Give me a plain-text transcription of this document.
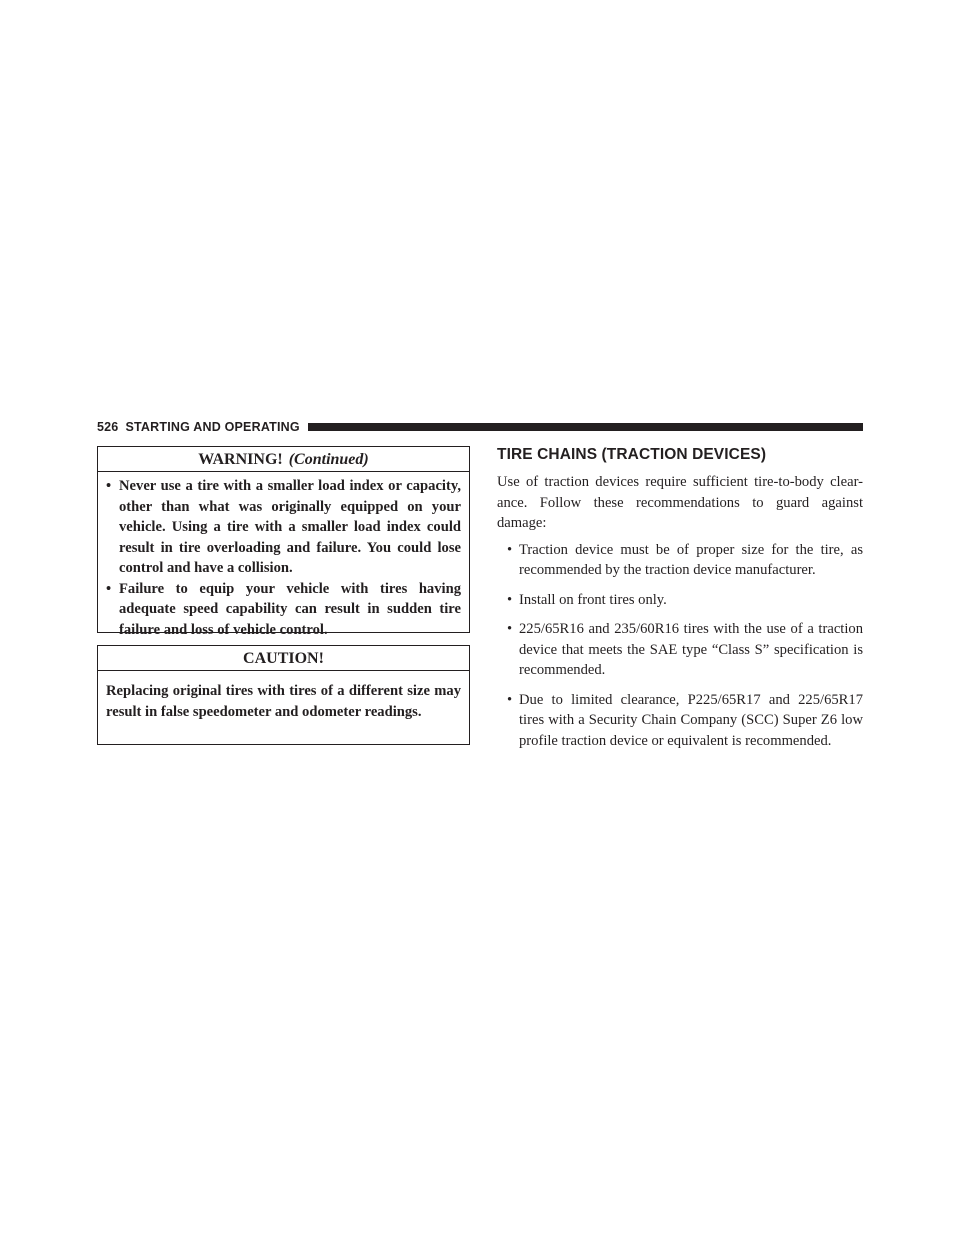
526 STARTING AND OPERATING
WARNING! (Continued)
• Never use a tire with a smaller load index or capacity, other than what was originally equipped on your vehicle. Using a tire with a smaller load index could result in tire overloading and failure. You could lose control and have a collision.
• Failure to equip your vehicle with tires having adequate speed capability can result in sudden tire failure and loss of vehicle control.
CAUTION!

Replacing original tires with tires of a different size may result in false speedometer and odometer readings.

TIRE CHAINS (TRACTION DEVICES)

Use of traction devices require sufficient tire-to-body clear- ance. Follow these recommendations to guard against damage:

• Traction device must be of proper size for the tire, as recommended by the traction device manufacturer.
• Install on front tires only.
• 225/65R16 and 235/60R16 tires with the use of a traction device that meets the SAE type “Class S” specification is recommended.
• Due to limited clearance, P225/65R17 and 225/65R17 tires with a Security Chain Company (SCC) Super Z6 low profile traction device or equivalent is recommended.
